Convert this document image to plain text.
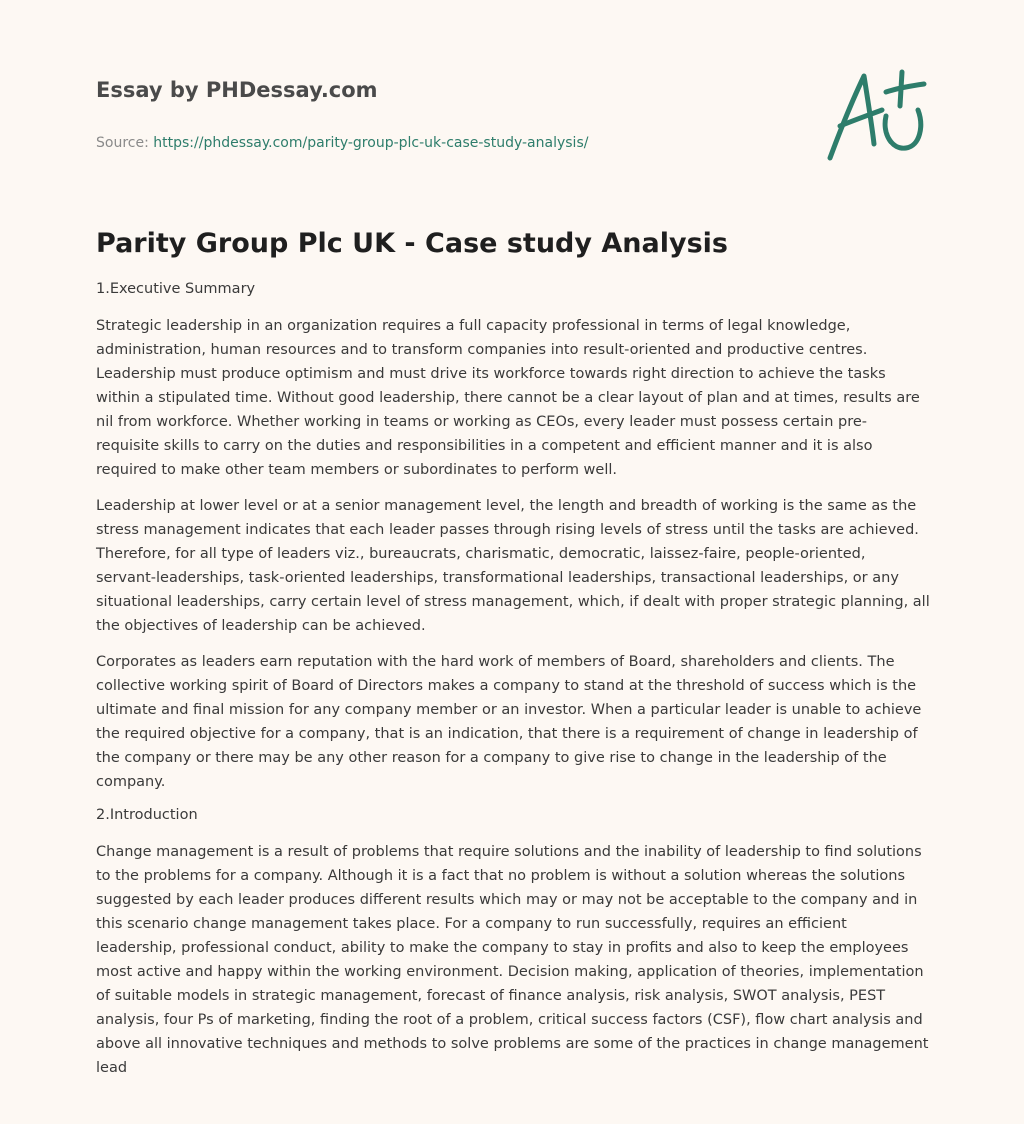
Essay by PHDessay.com
Source: https://phdessay.com/parity-group-plc-uk-case-study-analysis/
Parity Group Plc UK - Case study Analysis
1.Executive Summary

Strategic leadership in an organization requires a full capacity professional in terms of legal knowledge, administration, human resources and to transform companies into result-oriented and productive centres. Leadership must produce optimism and must drive its workforce towards right direction to achieve the tasks within a stipulated time. Without good leadership, there cannot be a clear layout of plan and at times, results are nil from workforce. Whether working in teams or working as CEOs, every leader must possess certain pre-requisite skills to carry on the duties and responsibilities in a competent and efficient manner and it is also required to make other team members or subordinates to perform well.

Leadership at lower level or at a senior management level, the length and breadth of working is the same as the stress management indicates that each leader passes through rising levels of stress until the tasks are achieved. Therefore, for all type of leaders viz., bureaucrats, charismatic, democratic, laissez-faire, people-oriented, servant-leaderships, task-oriented leaderships, transformational leaderships, transactional leaderships, or any situational leaderships, carry certain level of stress management, which, if dealt with proper strategic planning, all the objectives of leadership can be achieved.

Corporates as leaders earn reputation with the hard work of members of Board, shareholders and clients. The collective working spirit of Board of Directors makes a company to stand at the threshold of success which is the ultimate and final mission for any company member or an investor. When a particular leader is unable to achieve the required objective for a company, that is an indication, that there is a requirement of change in leadership of the company or there may be any other reason for a company to give rise to change in the leadership of the company.

2.Introduction

Change management is a result of problems that require solutions and the inability of leadership to find solutions to the problems for a company. Although it is a fact that no problem is without a solution whereas the solutions suggested by each leader produces different results which may or may not be acceptable to the company and in this scenario change management takes place. For a company to run successfully, requires an efficient leadership, professional conduct, ability to make the company to stay in profits and also to keep the employees most active and happy within the working environment. Decision making, application of theories, implementation of suitable models in strategic management, forecast of finance analysis, risk analysis, SWOT analysis, PEST analysis, four Ps of marketing, finding the root of a problem, critical success factors (CSF), flow chart analysis and above all innovative techniques and methods to solve problems are some of the practices in change management lead
